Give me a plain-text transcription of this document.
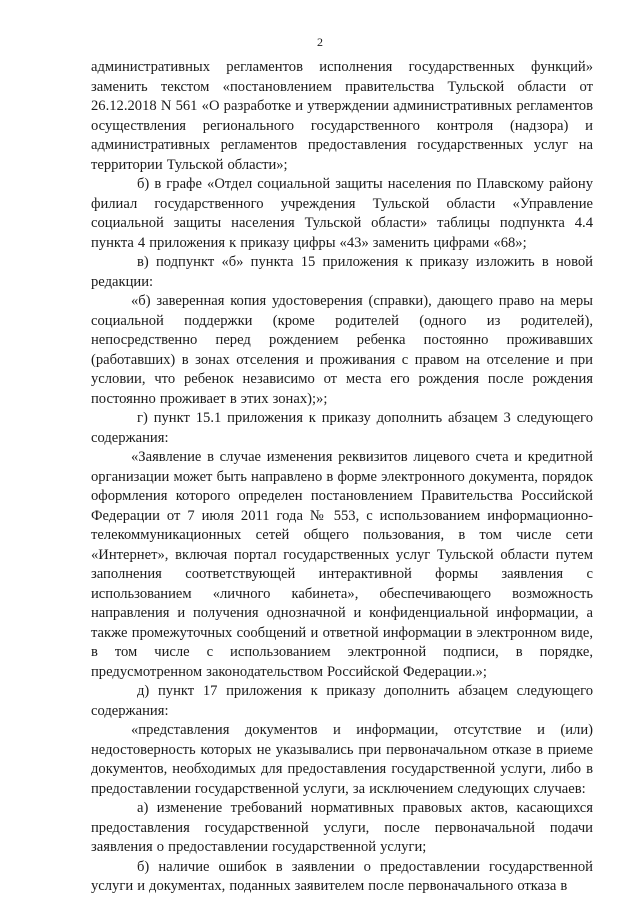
2

административных регламентов исполнения государственных функций» заменить текстом «постановлением правительства Тульской области от 26.12.2018 N 561 «О разработке и утверждении административных регламентов осуществления регионального государственного контроля (надзора) и административных регламентов предоставления государственных услуг на территории Тульской области»;

б) в графе «Отдел социальной защиты населения по Плавскому району филиал государственного учреждения Тульской области «Управление социальной защиты населения Тульской области» таблицы подпункта 4.4 пункта 4 приложения к приказу цифры «43» заменить цифрами «68»;

в) подпункт «б» пункта 15 приложения к приказу изложить в новой редакции:

«б) заверенная копия удостоверения (справки), дающего право на меры социальной поддержки (кроме родителей (одного из родителей), непосредственно перед рождением ребенка постоянно проживавших (работавших) в зонах отселения и проживания с правом на отселение и при условии, что ребенок независимо от места его рождения после рождения постоянно проживает в этих зонах);»;

г) пункт 15.1 приложения к приказу дополнить абзацем 3 следующего содержания:

«Заявление в случае изменения реквизитов лицевого счета и кредитной организации может быть направлено в форме электронного документа, порядок оформления которого определен постановлением Правительства Российской Федерации от 7 июля 2011 года № 553, с использованием информационно-телекоммуникационных сетей общего пользования, в том числе сети «Интернет», включая портал государственных услуг Тульской области путем заполнения соответствующей интерактивной формы заявления с использованием «личного кабинета», обеспечивающего возможность направления и получения однозначной и конфиденциальной информации, а также промежуточных сообщений и ответной информации в электронном виде, в том числе с использованием электронной подписи, в порядке, предусмотренном законодательством Российской Федерации.»;

д) пункт 17 приложения к приказу дополнить абзацем следующего содержания:

«представления документов и информации, отсутствие и (или) недостоверность которых не указывались при первоначальном отказе в приеме документов, необходимых для предоставления государственной услуги, либо в предоставлении государственной услуги, за исключением следующих случаев:

а) изменение требований нормативных правовых актов, касающихся предоставления государственной услуги, после первоначальной подачи заявления о предоставлении государственной услуги;

б) наличие ошибок в заявлении о предоставлении государственной услуги и документах, поданных заявителем после первоначального отказа в
